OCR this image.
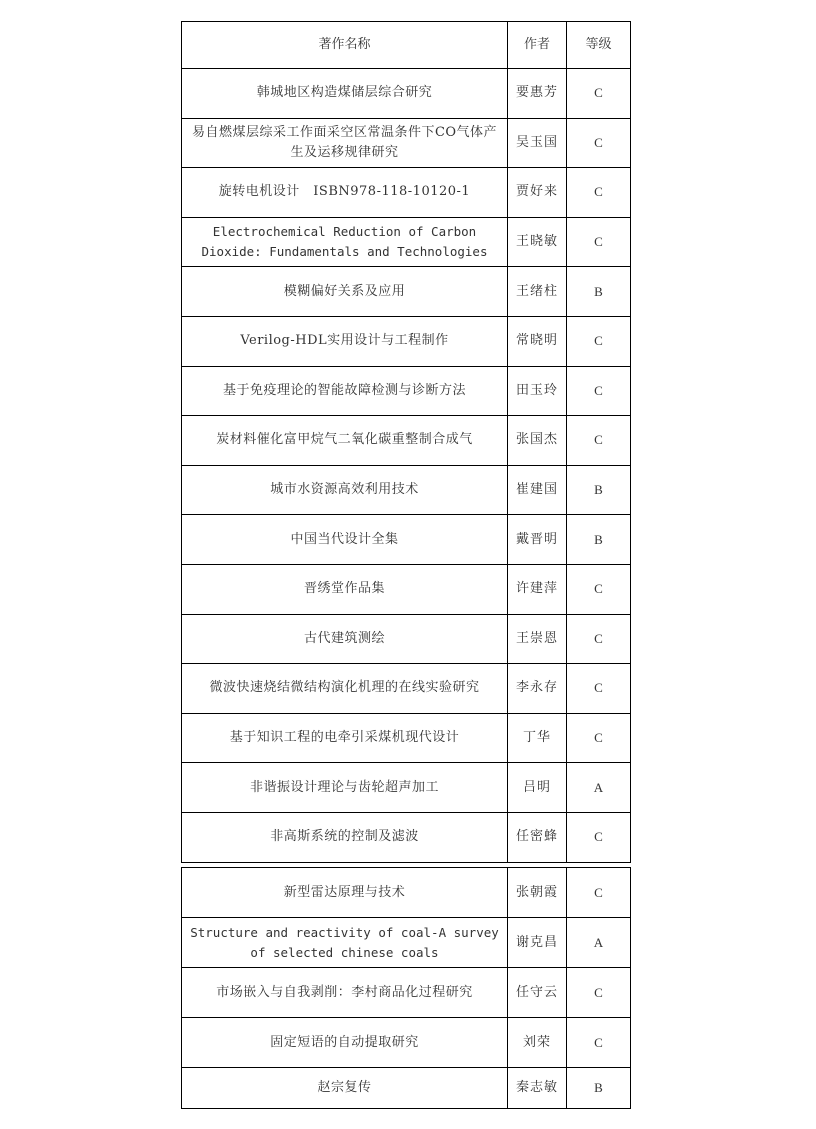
著作名称	作者	等级
韩城地区构造煤储层综合研究	要惠芳	C
易自燃煤层综采工作面采空区常温条件下CO气体产生及运移规律研究	吴玉国	C
旋转电机设计　ISBN978-118-10120-1	贾好来	C
Electrochemical Reduction of Carbon Dioxide: Fundamentals and Technologies	王晓敏	C
模糊偏好关系及应用	王绪柱	B
Verilog-HDL实用设计与工程制作	常晓明	C
基于免疫理论的智能故障检测与诊断方法	田玉玲	C
炭材料催化富甲烷气二氧化碳重整制合成气	张国杰	C
城市水资源高效利用技术	崔建国	B
中国当代设计全集	戴晋明	B
晋绣堂作品集	许建萍	C
古代建筑测绘	王崇恩	C
微波快速烧结微结构演化机理的在线实验研究	李永存	C
基于知识工程的电牵引采煤机现代设计	丁华	C
非谐振设计理论与齿轮超声加工	吕明	A
非高斯系统的控制及滤波	任密蜂	C
新型雷达原理与技术	张朝霞	C
Structure and reactivity of coal-A survey of selected chinese coals	谢克昌	A
市场嵌入与自我剥削：李村商品化过程研究	任守云	C
固定短语的自动提取研究	刘荣	C
赵宗复传	秦志敏	B
